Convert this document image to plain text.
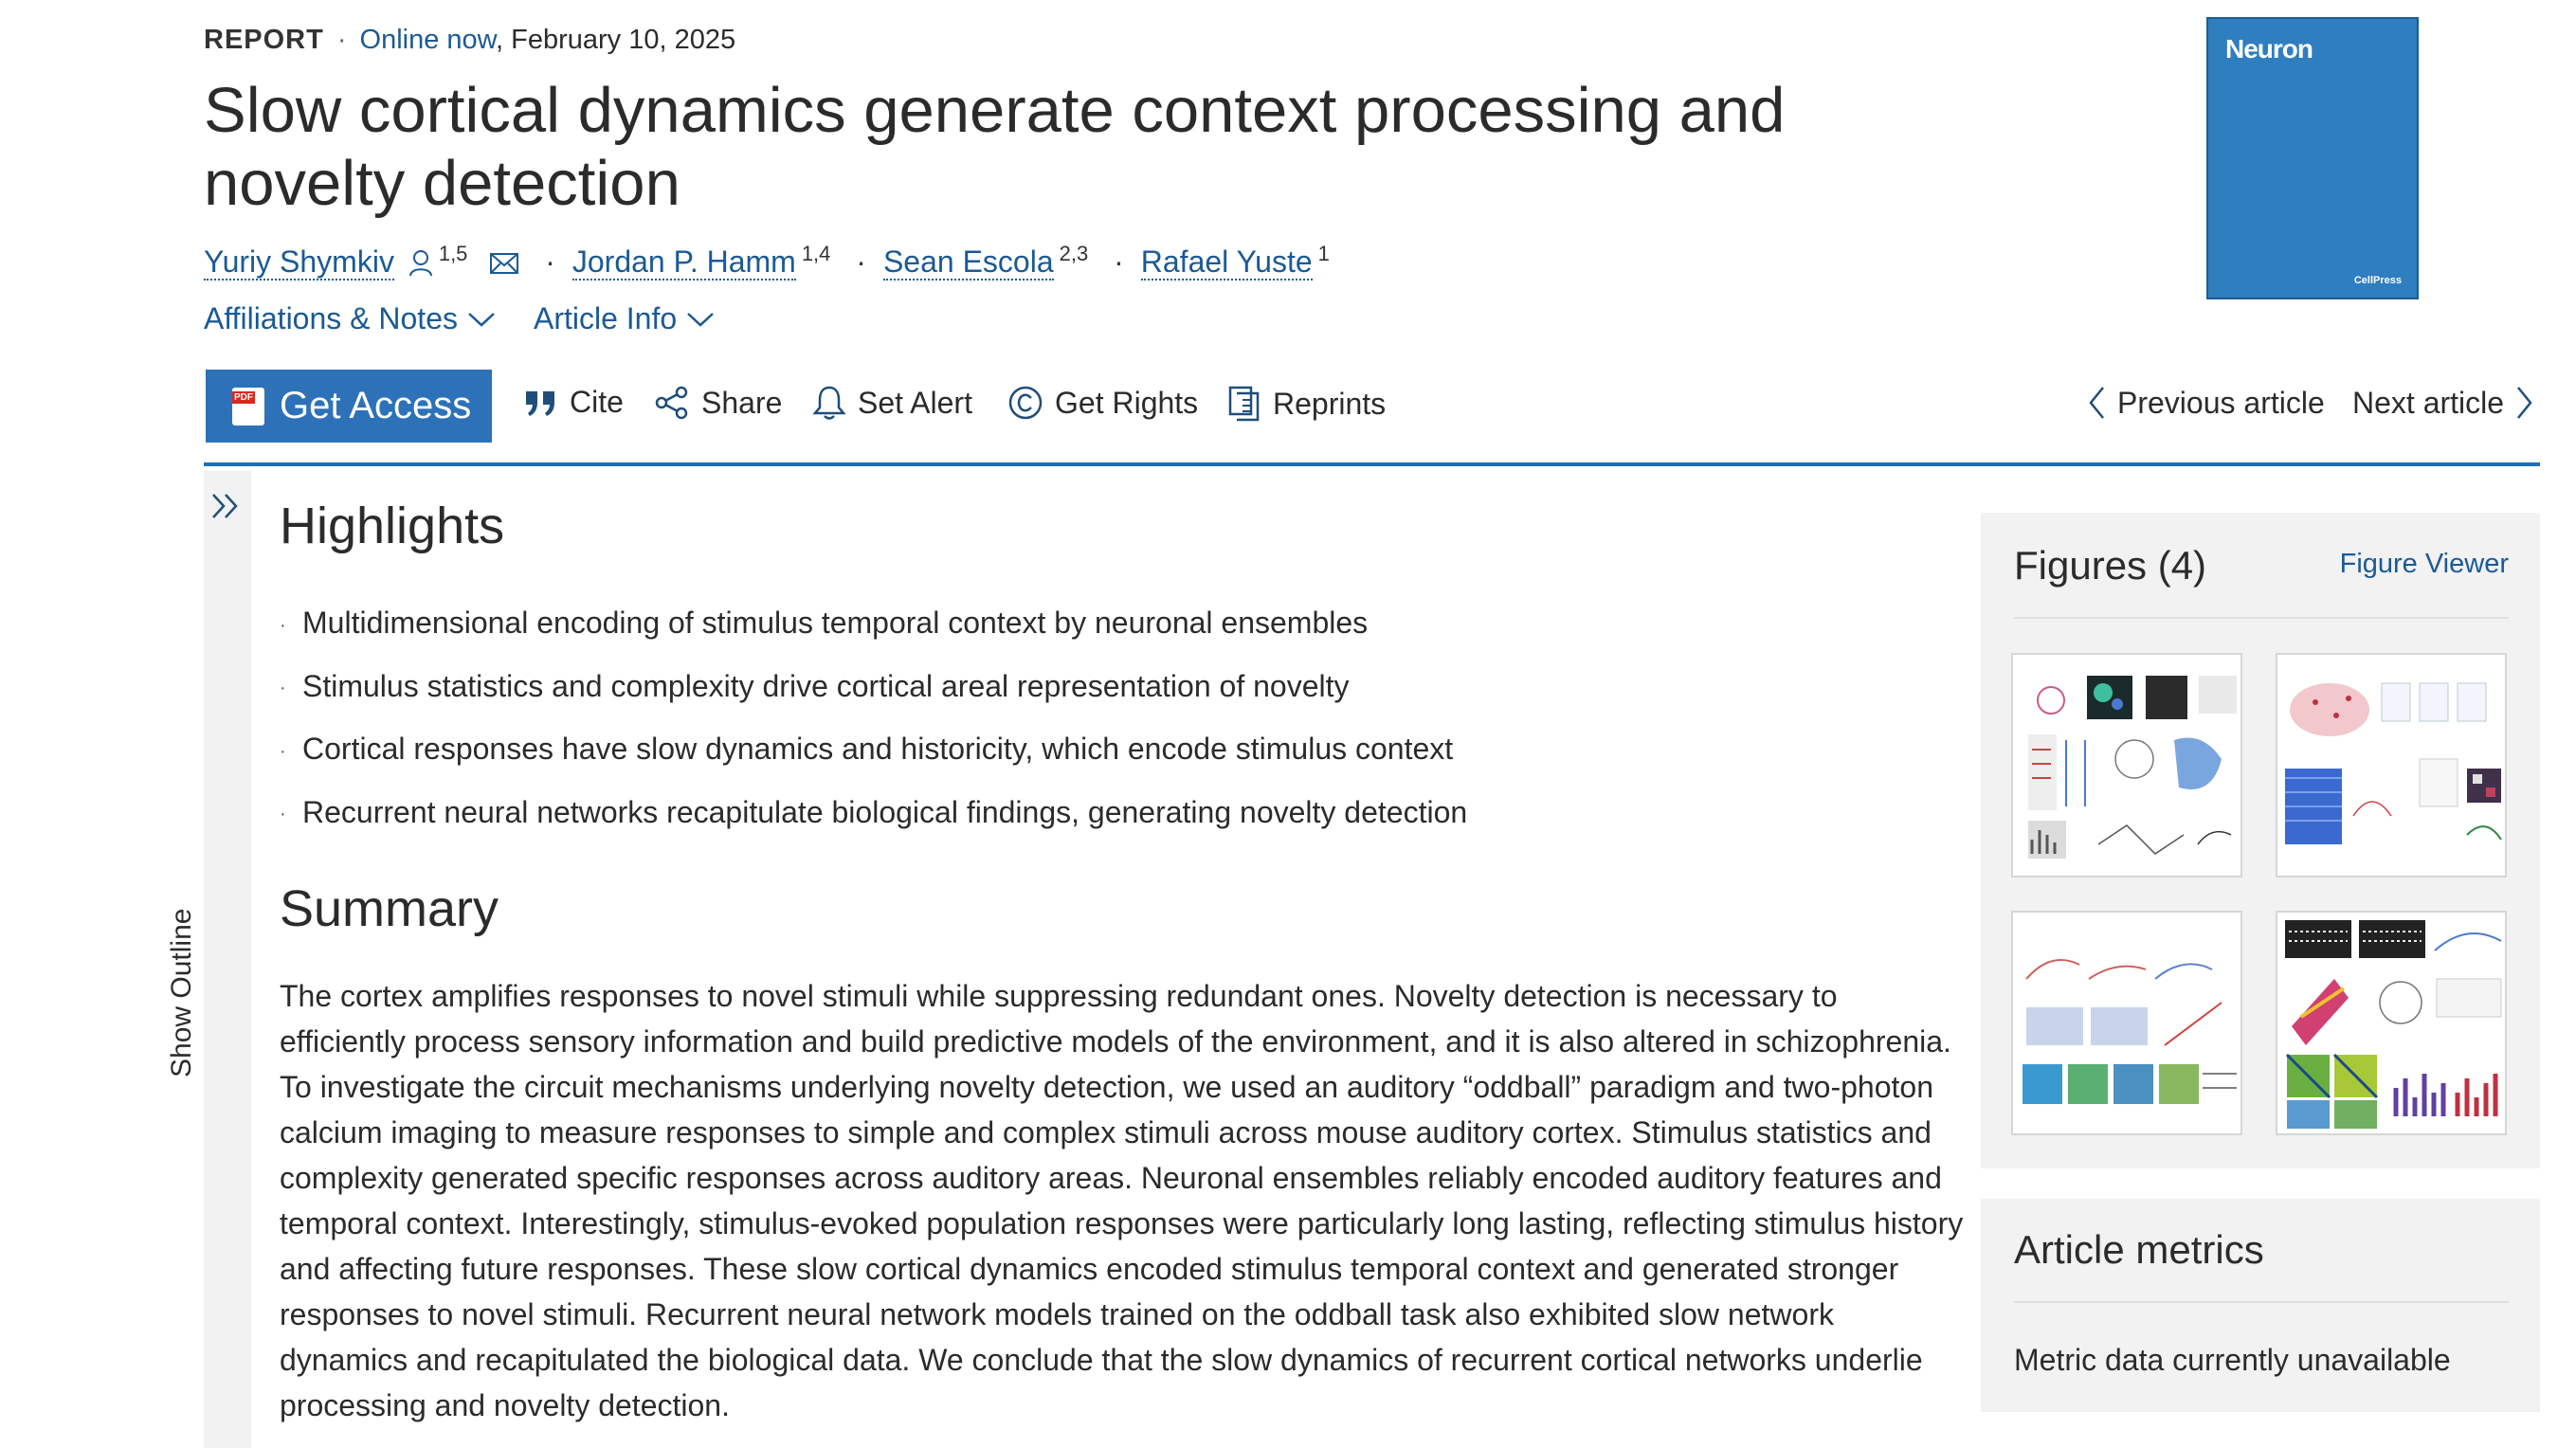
REPORT · Online now, February 10, 2025
Slow cortical dynamics generate context processing and novelty detection
Yuriy Shymkiv $^{1,5}$	· Jordan P. Hamm $^{1,4}$ · Sean Escola $^{2,3}$ · Rafael Yuste $^1$
Affiliations & Notes	Article Info
Neuron
CellPress
PDF
Get Access	Cite	Share Set Alert	Get Rights Reprints	Previous article Next article
Show Outline
Highlights
· Multidimensional encoding of stimulus temporal context by neuronal ensembles
· Stimulus statistics and complexity drive cortical areal representation of novelty
· Cortical responses have slow dynamics and historicity, which encode stimulus context
· Recurrent neural networks recapitulate biological findings, generating novelty detection
Summary

The cortex amplifies responses to novel stimuli while suppressing redundant ones. Novelty detection is necessary to efficiently process sensory information and build predictive models of the environment, and it is also altered in schizophrenia. To investigate the circuit mechanisms underlying novelty detection, we used an auditory “oddball” paradigm and two-photon calcium imaging to measure responses to simple and complex stimuli across mouse auditory cortex. Stimulus statistics and complexity generated specific responses across auditory areas. Neuronal ensembles reliably encoded auditory features and temporal context. Interestingly, stimulus-evoked population responses were particularly long lasting, reflecting stimulus history and affecting future responses. These slow cortical dynamics encoded stimulus temporal context and generated stronger responses to novel stimuli. Recurrent neural network models trained on the oddball task also exhibited slow network dynamics and recapitulated the biological data. We conclude that the slow dynamics of recurrent cortical networks underlie processing and novelty detection.

Figures (4)	Figure Viewer
Article metrics
Metric data currently unavailable
